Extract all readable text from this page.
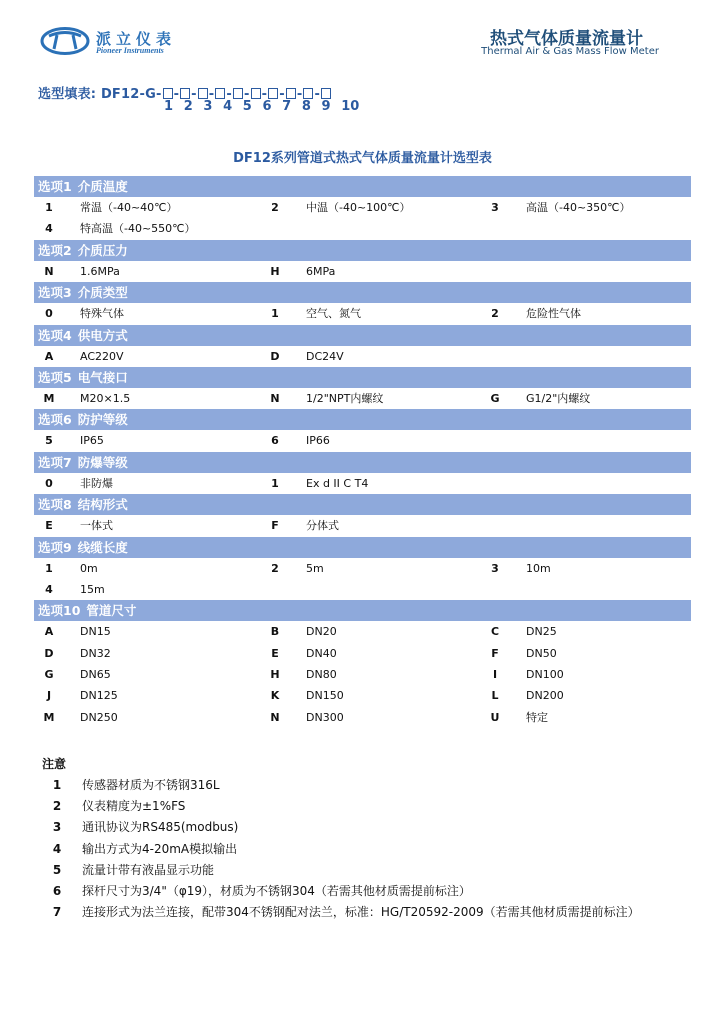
派立仪表
Pioneer Instruments
热式气体质量流量计
Thermal Air & Gas Mass Flow Meter
选型填表: DF12-G- - - - - - - - - -
1 2 3 4 5 6 7 8 9 10
DF12系列管道式热式气体质量流量计选型表
选项1 介质温度
1	常温（-40~40℃）	2	中温（-40~100℃）	3	高温（-40~350℃）
4	特高温（-40~550℃）
选项2 介质压力
N	1.6MPa	H	6MPa
选项3 介质类型
0	特殊气体	1	空气、氮气	2	危险性气体
选项4 供电方式
A	AC220V	D	DC24V
选项5 电气接口
M	M20×1.5	N	1/2"NPT内螺纹	G	G1/2"内螺纹
选项6 防护等级
5	IP65	6	IP66
选项7 防爆等级
0	非防爆	1	Ex d II C T4
选项8 结构形式
E	一体式	F	分体式
选项9 线缆长度
1	0m	2	5m	3	10m
4	15m
选项10 管道尺寸
A	DN15	B	DN20	C	DN25
D	DN32	E	DN40	F	DN50
G	DN65	H	DN80	I	DN100
J	DN125	K	DN150	L	DN200
M	DN250	N	DN300	U	特定
注意
1	传感器材质为不锈钢316L
2	仪表精度为±1%FS
3	通讯协议为RS485(modbus)
4	输出方式为4-20mA模拟输出
5	流量计带有液晶显示功能
6	探杆尺寸为3/4"（φ19），材质为不锈钢304（若需其他材质需提前标注）
7	连接形式为法兰连接，配带304不锈钢配对法兰，标准：HG/T20592-2009（若需其他材质需提前标注）
